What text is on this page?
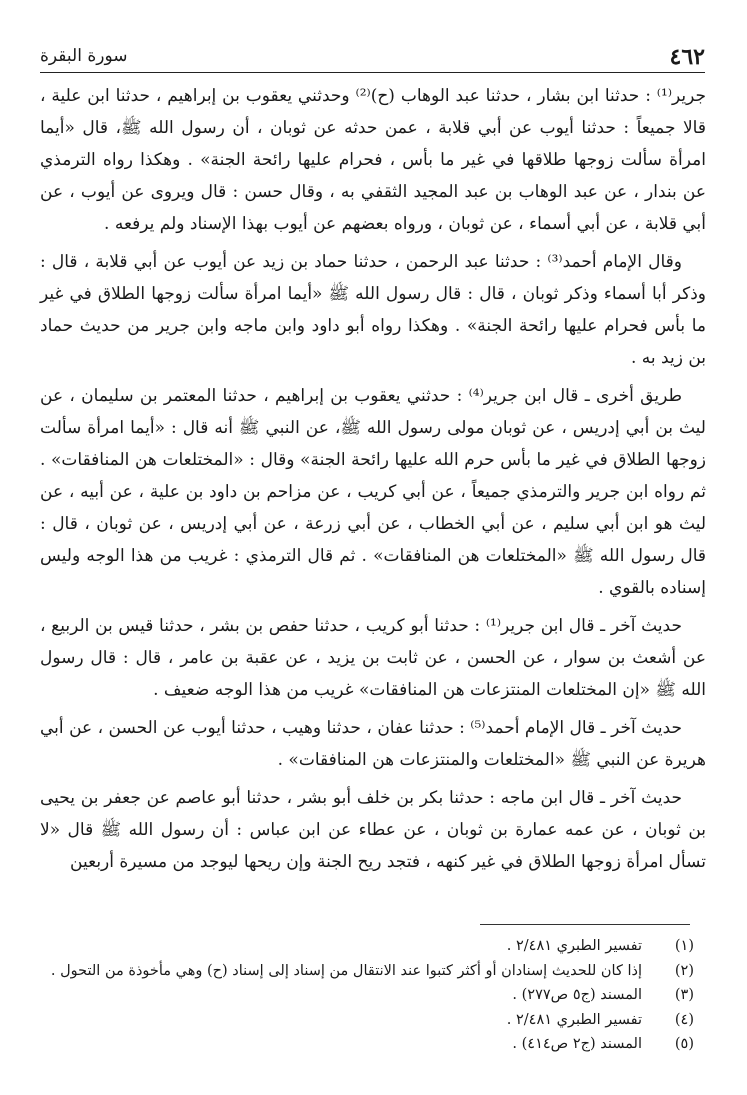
٤٦٢
سورة البقرة

جرير⁽¹⁾ : حدثنا ابن بشار ، حدثنا عبد الوهاب (ح)⁽²⁾ وحدثني يعقوب بن إبراهيم ، حدثنا ابن علية ، قالا جميعاً : حدثنا أيوب عن أبي قلابة ، عمن حدثه عن ثوبان ، أن رسول الله ﷺ، قال «أيما امرأة سألت زوجها طلاقها في غير ما بأس ، فحرام عليها رائحة الجنة» . وهكذا رواه الترمذي عن بندار ، عن عبد الوهاب بن عبد المجيد الثقفي به ، وقال حسن : قال ويروى عن أيوب ، عن أبي قلابة ، عن أبي أسماء ، عن ثوبان ، ورواه بعضهم عن أيوب بهذا الإسناد ولم يرفعه .

وقال الإمام أحمد⁽³⁾ : حدثنا عبد الرحمن ، حدثنا حماد بن زيد عن أيوب عن أبي قلابة ، قال : وذكر أبا أسماء وذكر ثوبان ، قال : قال رسول الله ﷺ «أيما امرأة سألت زوجها الطلاق في غير ما بأس فحرام عليها رائحة الجنة» . وهكذا رواه أبو داود وابن ماجه وابن جرير من حديث حماد بن زيد به .

طريق أخرى ـ قال ابن جرير⁽⁴⁾ : حدثني يعقوب بن إبراهيم ، حدثنا المعتمر بن سليمان ، عن ليث بن أبي إدريس ، عن ثوبان مولى رسول الله ﷺ، عن النبي ﷺ أنه قال : «أيما امرأة سألت زوجها الطلاق في غير ما بأس حرم الله عليها رائحة الجنة» وقال : «المختلعات هن المنافقات» . ثم رواه ابن جرير والترمذي جميعاً ، عن أبي كريب ، عن مزاحم بن داود بن علية ، عن أبيه ، عن ليث هو ابن أبي سليم ، عن أبي الخطاب ، عن أبي زرعة ، عن أبي إدريس ، عن ثوبان ، قال : قال رسول الله ﷺ «المختلعات هن المنافقات» . ثم قال الترمذي : غريب من هذا الوجه وليس إسناده بالقوي .

حديث آخر ـ قال ابن جرير⁽¹⁾ : حدثنا أبو كريب ، حدثنا حفص بن بشر ، حدثنا قيس بن الربيع ، عن أشعث بن سوار ، عن الحسن ، عن ثابت بن يزيد ، عن عقبة بن عامر ، قال : قال رسول الله ﷺ «إن المختلعات المنتزعات هن المنافقات» غريب من هذا الوجه ضعيف .

حديث آخر ـ قال الإمام أحمد⁽⁵⁾ : حدثنا عفان ، حدثنا وهيب ، حدثنا أيوب عن الحسن ، عن أبي هريرة عن النبي ﷺ «المختلعات والمنتزعات هن المنافقات» .

حديث آخر ـ قال ابن ماجه : حدثنا بكر بن خلف أبو بشر ، حدثنا أبو عاصم عن جعفر بن يحيى بن ثوبان ، عن عمه عمارة بن ثوبان ، عن عطاء عن ابن عباس : أن رسول الله ﷺ قال «لا تسأل امرأة زوجها الطلاق في غير كنهه ، فتجد ريح الجنة وإن ريحها ليوجد من مسيرة أربعين

(١)تفسير الطبري ٢/٤٨١ .
(٢)إذا كان للحديث إسنادان أو أكثر كتبوا عند الانتقال من إسناد إلى إسناد (ح) وهي مأخوذة من التحول .
(٣)المسند (ج٥ ص٢٧٧) .
(٤)تفسير الطبري ٢/٤٨١ .
(٥)المسند (ج٢ ص٤١٤) .
